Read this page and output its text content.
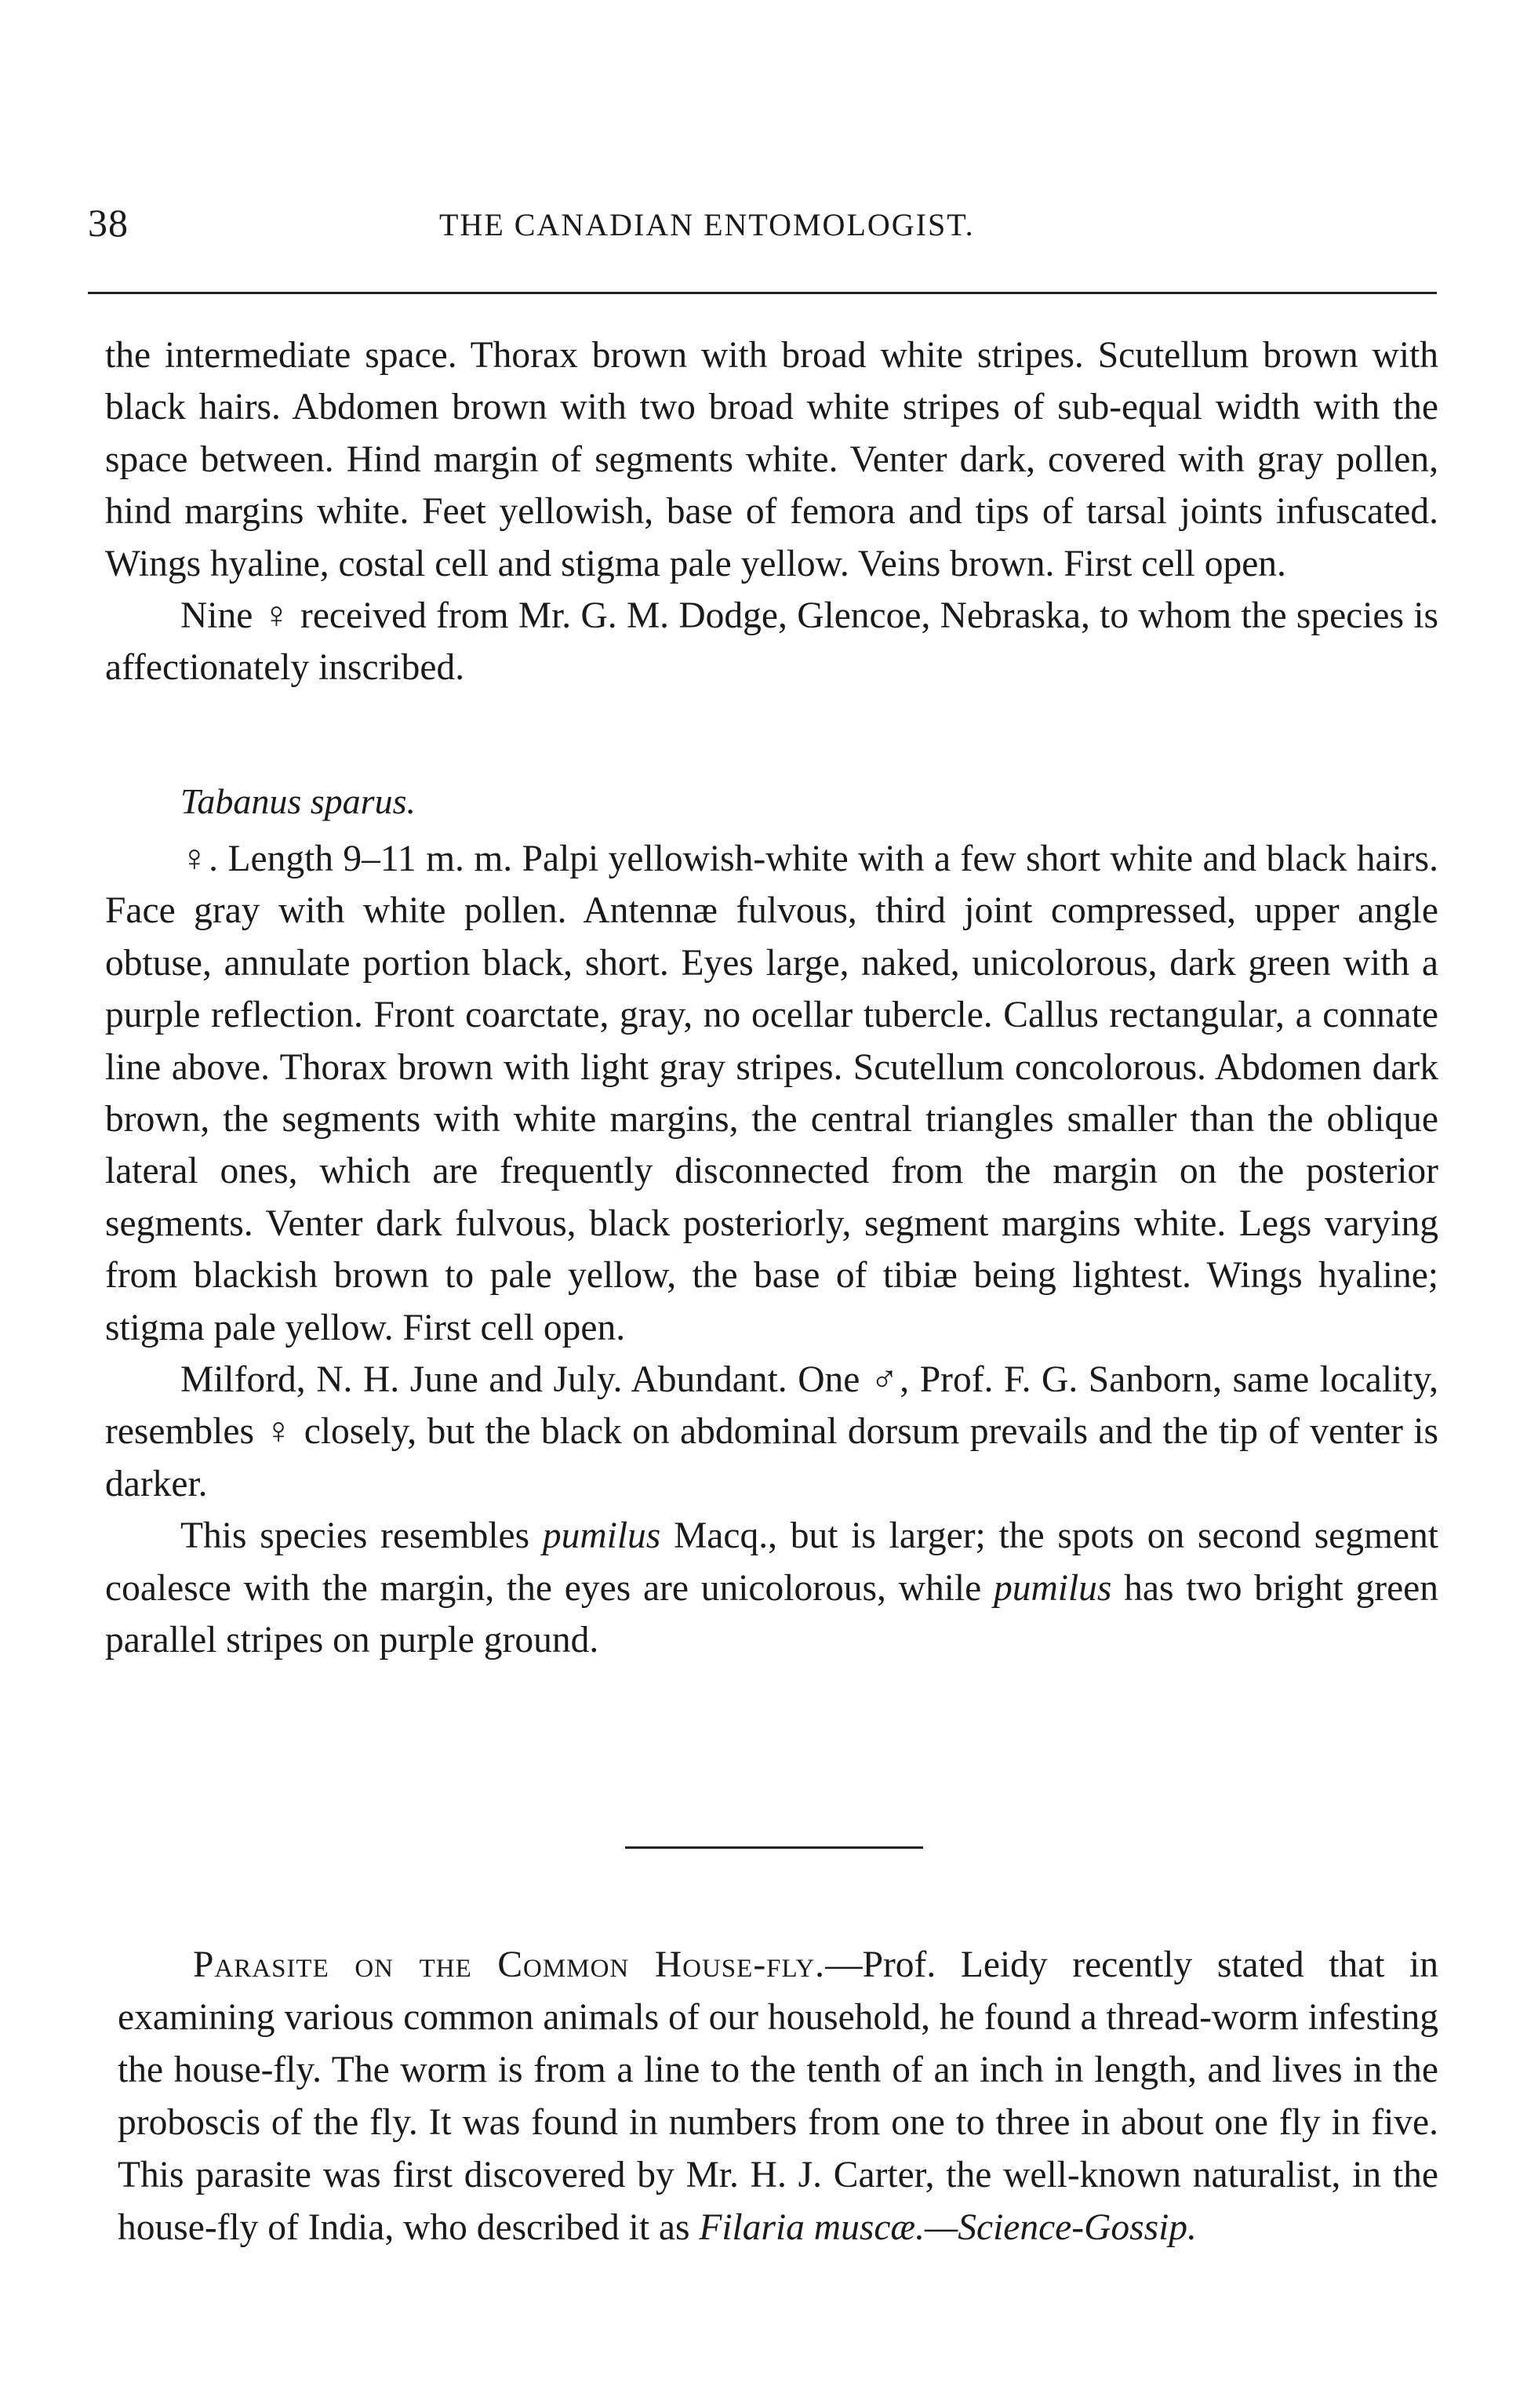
38	THE CANADIAN ENTOMOLOGIST.

the intermediate space. Thorax brown with broad white stripes. Scutellum brown with black hairs. Abdomen brown with two broad white stripes of sub-equal width with the space between. Hind margin of segments white. Venter dark, covered with gray pollen, hind margins white. Feet yellowish, base of femora and tips of tarsal joints infuscated. Wings hyaline, costal cell and stigma pale yellow. Veins brown. First cell open.

Nine ♀ received from Mr. G. M. Dodge, Glencoe, Nebraska, to whom the species is affectionately inscribed.

Tabanus sparus.

♀. Length 9–11 m. m. Palpi yellowish-white with a few short white and black hairs. Face gray with white pollen. Antennæ fulvous, third joint compressed, upper angle obtuse, annulate portion black, short. Eyes large, naked, unicolorous, dark green with a purple reflection. Front coarctate, gray, no ocellar tubercle. Callus rectangular, a connate line above. Thorax brown with light gray stripes. Scutellum concolorous. Abdomen dark brown, the segments with white margins, the central triangles smaller than the oblique lateral ones, which are frequently disconnected from the margin on the posterior segments. Venter dark fulvous, black posteriorly, segment margins white. Legs varying from blackish brown to pale yellow, the base of tibiæ being lightest. Wings hyaline; stigma pale yellow. First cell open.

Milford, N. H. June and July. Abundant. One ♂, Prof. F. G. Sanborn, same locality, resembles ♀ closely, but the black on abdominal dorsum prevails and the tip of venter is darker.

This species resembles pumilus Macq., but is larger; the spots on second segment coalesce with the margin, the eyes are unicolorous, while pumilus has two bright green parallel stripes on purple ground.

Parasite on the Common House-fly.—Prof. Leidy recently stated that in examining various common animals of our household, he found a thread-worm infesting the house-fly. The worm is from a line to the tenth of an inch in length, and lives in the proboscis of the fly. It was found in numbers from one to three in about one fly in five. This parasite was first discovered by Mr. H. J. Carter, the well-known naturalist, in the house-fly of India, who described it as Filaria muscæ.—Science-Gossip.
